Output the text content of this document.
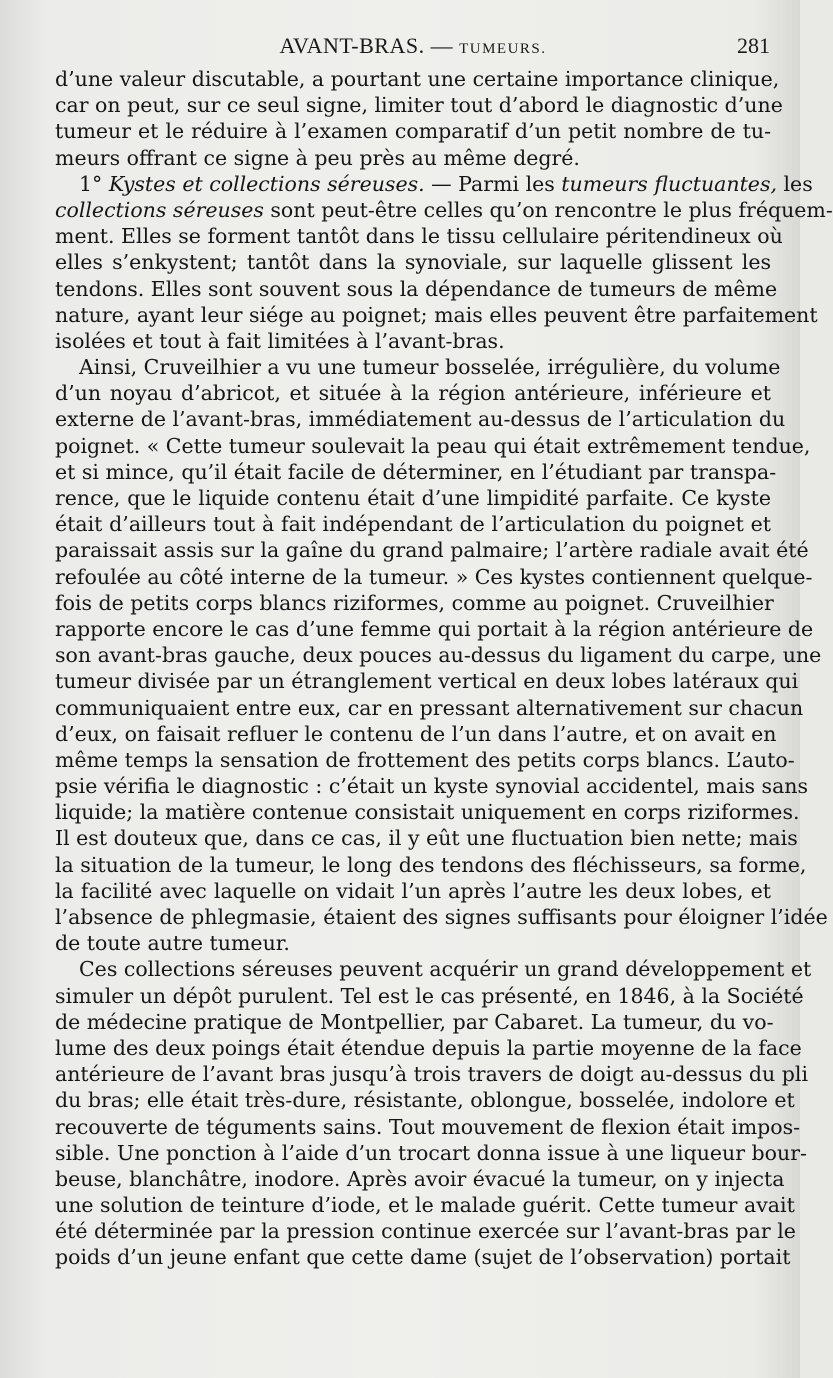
AVANT-BRAS. — TUMEURS.	281
d’une valeur discutable, a pourtant une certaine importance clinique,
car on peut, sur ce seul signe, limiter tout d’abord le diagnostic d’une
tumeur et le réduire à l’examen comparatif d’un petit nombre de tu-
meurs offrant ce signe à peu près au même degré.
1° Kystes et collections séreuses. — Parmi les tumeurs fluctuantes, les
collections séreuses sont peut-être celles qu’on rencontre le plus fréquem-
ment. Elles se forment tantôt dans le tissu cellulaire péritendineux où
elles s’enkystent; tantôt dans la synoviale, sur laquelle glissent les
tendons. Elles sont souvent sous la dépendance de tumeurs de même
nature, ayant leur siége au poignet; mais elles peuvent être parfaitement
isolées et tout à fait limitées à l’avant-bras.
Ainsi, Cruveilhier a vu une tumeur bosselée, irrégulière, du volume
d’un noyau d’abricot, et située à la région antérieure, inférieure et
externe de l’avant-bras, immédiatement au-dessus de l’articulation du
poignet. « Cette tumeur soulevait la peau qui était extrêmement tendue,
et si mince, qu’il était facile de déterminer, en l’étudiant par transpa-
rence, que le liquide contenu était d’une limpidité parfaite. Ce kyste
était d’ailleurs tout à fait indépendant de l’articulation du poignet et
paraissait assis sur la gaîne du grand palmaire; l’artère radiale avait été
refoulée au côté interne de la tumeur. » Ces kystes contiennent quelque-
fois de petits corps blancs riziformes, comme au poignet. Cruveilhier
rapporte encore le cas d’une femme qui portait à la région antérieure de
son avant-bras gauche, deux pouces au-dessus du ligament du carpe, une
tumeur divisée par un étranglement vertical en deux lobes latéraux qui
communiquaient entre eux, car en pressant alternativement sur chacun
d’eux, on faisait refluer le contenu de l’un dans l’autre, et on avait en
même temps la sensation de frottement des petits corps blancs. L’auto-
psie vérifia le diagnostic : c’était un kyste synovial accidentel, mais sans
liquide; la matière contenue consistait uniquement en corps riziformes.
Il est douteux que, dans ce cas, il y eût une fluctuation bien nette; mais
la situation de la tumeur, le long des tendons des fléchisseurs, sa forme,
la facilité avec laquelle on vidait l’un après l’autre les deux lobes, et
l’absence de phlegmasie, étaient des signes suffisants pour éloigner l’idée
de toute autre tumeur.
Ces collections séreuses peuvent acquérir un grand développement et
simuler un dépôt purulent. Tel est le cas présenté, en 1846, à la Société
de médecine pratique de Montpellier, par Cabaret. La tumeur, du vo-
lume des deux poings était étendue depuis la partie moyenne de la face
antérieure de l’avant bras jusqu’à trois travers de doigt au-dessus du pli
du bras; elle était très-dure, résistante, oblongue, bosselée, indolore et
recouverte de téguments sains. Tout mouvement de flexion était impos-
sible. Une ponction à l’aide d’un trocart donna issue à une liqueur bour-
beuse, blanchâtre, inodore. Après avoir évacué la tumeur, on y injecta
une solution de teinture d’iode, et le malade guérit. Cette tumeur avait
été déterminée par la pression continue exercée sur l’avant-bras par le
poids d’un jeune enfant que cette dame (sujet de l’observation) portait
